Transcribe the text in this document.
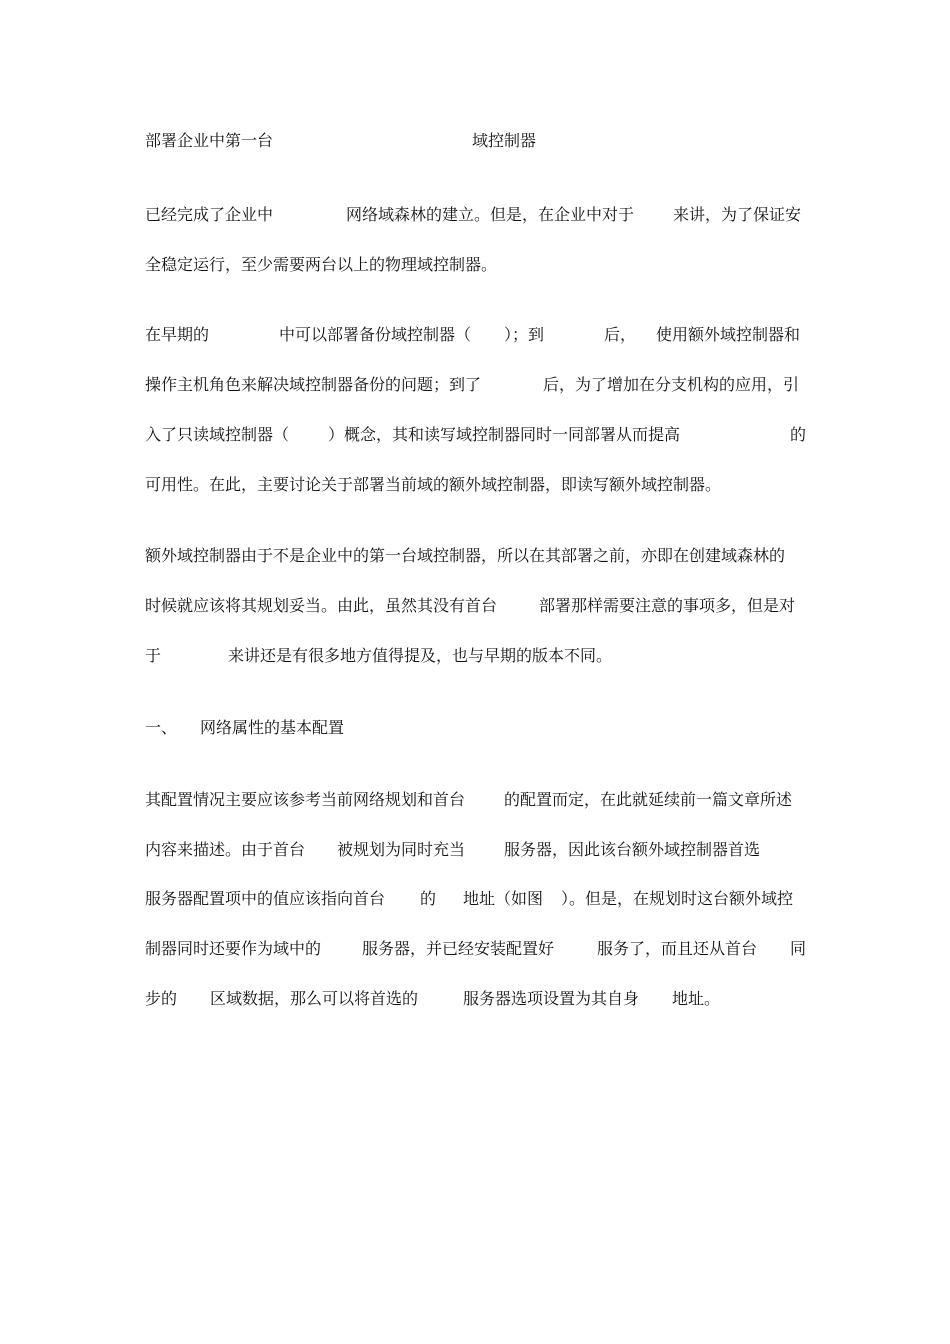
部署企业中第一台	域控制器
已经完成了企业中	网络域森林的建立。但是，在企业中对于 来讲，为了保证安
全稳定运行，至少需要两台以上的物理域控制器。
在早期的	中可以部署备份域控制器（ ）；到	后， 使用额外域控制器和
操作主机角色来解决域控制器备份的问题；到了	后，为了增加在分支机构的应用，引
入了只读域控制器（ ）概念，其和读写域控制器同时一同部署从而提高	的
可用性。在此，主要讨论关于部署当前域的额外域控制器，即读写额外域控制器。
额外域控制器由于不是企业中的第一台域控制器，所以在其部署之前，亦即在创建域森林的
时候就应该将其规划妥当。由此，虽然其没有首台	部署那样需要注意的事项多，但是对
于	来讲还是有很多地方值得提及，也与早期的版本不同。
一、 网络属性的基本配置
其配置情况主要应该参考当前网络规划和首台 的配置而定，在此就延续前一篇文章所述
内容来描述。由于首台 被规划为同时充当 服务器，因此该台额外域控制器首选
服务器配置项中的值应该指向首台 的 地址（如图 ）。但是，在规划时这台额外域控
制器同时还要作为域中的	服务器，并已经安装配置好	服务了，而且还从首台 同
步的 区域数据，那么可以将首选的	服务器选项设置为其自身 地址。
